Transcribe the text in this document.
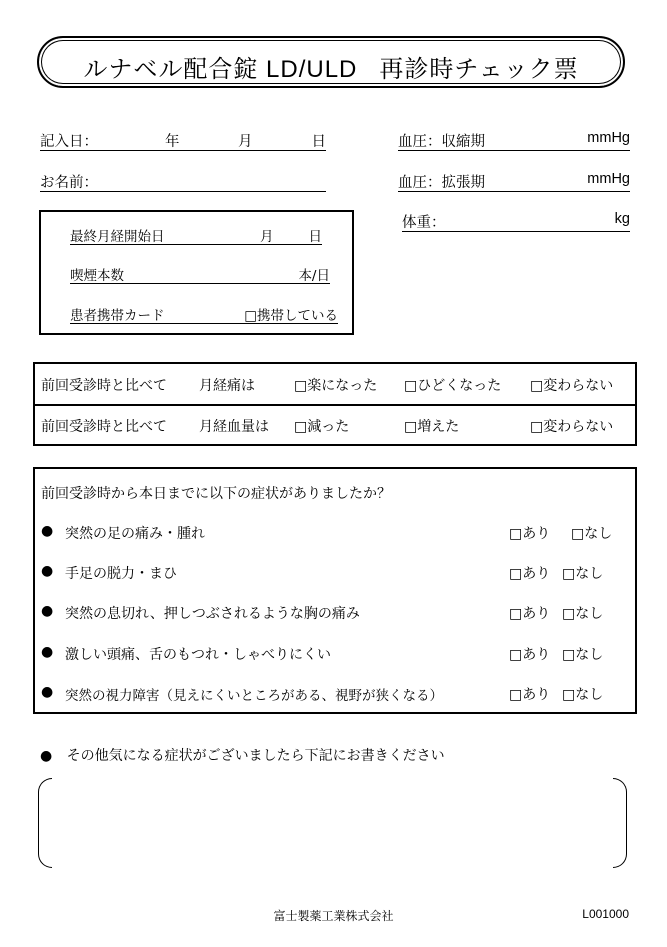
ルナベル配合錠 LD/ULD 再診時チェック票
記入日：	年	月	日
お名前：
血圧：収縮期	mmHg
血圧：拡張期	mmHg
体重：	kg
最終月経開始日	月	日
喫煙本数	本/日
患者携帯カード	□携帯している
前回受診時と比べて 月経痛は	□楽になった □ひどくなった □変わらない
前回受診時と比べて 月経血量は □減った	□増えた	□変わらない
前回受診時から本日までに以下の症状がありましたか？
● 突然の足の痛み・腫れ	□あり □なし
● 手足の脱力・まひ	□あり □なし
● 突然の息切れ、押しつぶされるような胸の痛み	□あり □なし
● 激しい頭痛、舌のもつれ・しゃべりにくい	□あり □なし
● 突然の視力障害（見えにくいところがある、視野が狭くなる）	□あり □なし
● その他気になる症状がございましたら下記にお書きください
富士製薬工業株式会社	L001000
